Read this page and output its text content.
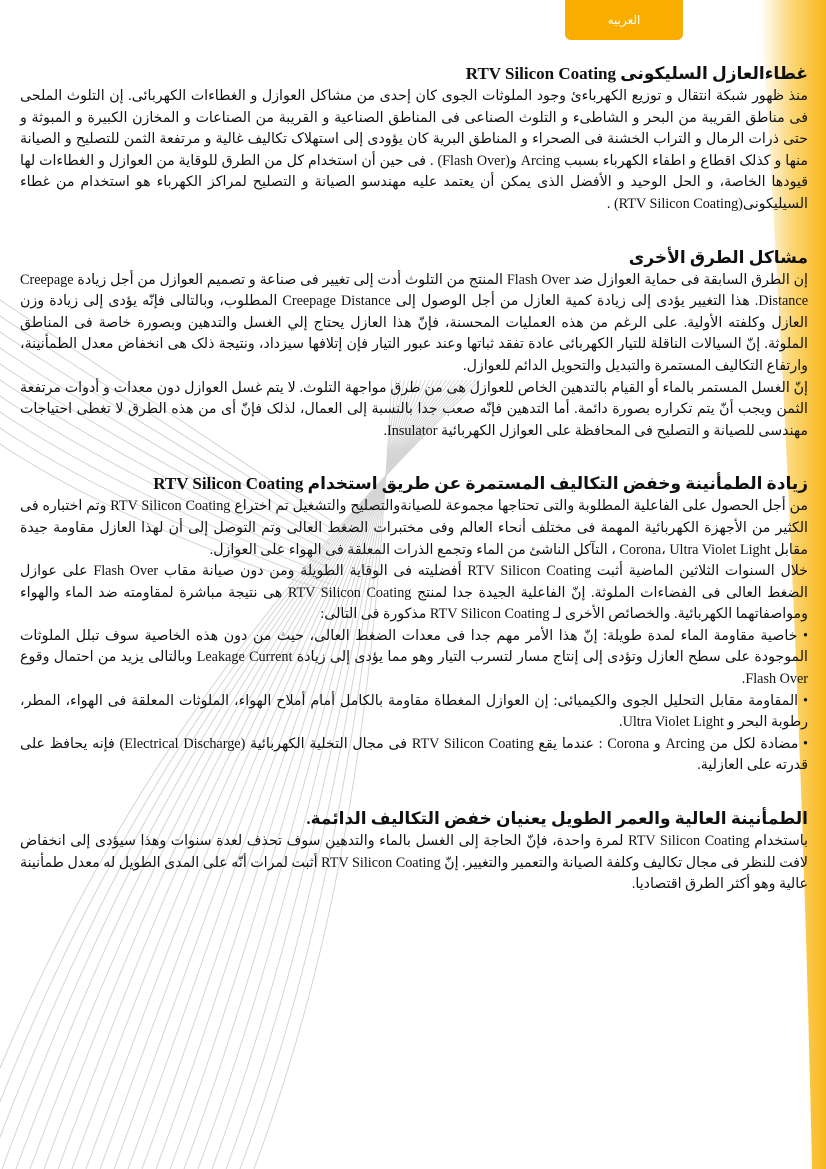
العربيه
غطاءالعازل السليكونى RTV Silicon Coating

منذ ظهور شبكة انتقال و توزيع الكهرباءئ وجود الملوثات الجوى كان إحدى من مشاكل العوازل و الغطاءات الكهربائى. إن التلوث الملحى فى مناطق القريبة من البحر و الشاطىء و التلوث الصناعى فى المناطق الصناعية و القريبة من الصناعات و المخازن الكبيرة و المبوثة و حتى ذرات الرمال و التراب الخشنة فى الصحراء و المناطق البرية كان يؤودى إلى استهلاک تكاليف غالية و مرتفعة الثمن للتصليح و الصيانة منها و كذلک اقطاع و اطفاء الكهرباء بسبب Arcing و(Flash Over) . فى حين أن استخدام كل من الطرق للوقاية من العوازل و الغطاءات لها قيودها الخاصة، و الحل الوحيد و الأفضل الذى يمكن أن يعتمد عليه مهندسو الصيانة و التصليح لمراكز الكهرباء هو استخدام من غطاء السيليكونى(RTV Silicon Coating) .

مشاكل الطرق الأخرى

إن الطرق السابقة فى حماية العوازل ضد Flash Over المنتج من التلوث أدت إلى تغيير فى صناعة و تصميم العوازل من أجل زيادة Creepage Distance. هذا التغيير يؤدى إلى زيادة كمية العازل من أجل الوصول إلى Creepage Distance المطلوب، وبالتالى فإنّه يؤدى إلى زيادة وزن العازل وكلفته الأولية. على الرغم من هذه العمليات المحسنة، فإنّ هذا العازل يحتاج إلي الغسل والتدهين وبصورة خاصة فى المناطق الملوثة. إنّ السيالات الناقلة للتيار الكهربائى عادة تفقد ثباتها وعند عبور التيار فإن إتلافها سيزداد، ونتيجة ذلک هى انخفاض معدل الطمأنينة، وارتفاع التكاليف المستمرة والتبديل والتحويل الدائم للعوازل.

إنّ الغسل المستمر بالماء أو القيام بالتدهين الخاص للعوازل هى من طرق مواجهة التلوث. لا يتم غسل العوازل دون معدات و أدوات مرتفعة الثمن ويجب أنّ يتم تكراره بصورة دائمة. أما التدهين فإنّه صعب جدا بالنسبة إلى العمال، لذلک فإنّ أى من هذه الطرق لا تغطى احتياجات مهندسى للصيانة و التصليح فى المحافظة على العوازل الكهربائية Insulator.

زيادة الطمأنينة وخفض التكاليف المستمرة عن طريق استخدام RTV Silicon Coating

من أجل الحصول على الفاعلية المطلوبة والتى تحتاجها مجموعة للصيانةوالتصليح والتشغيل تم اختراع RTV Silicon Coating وتم اختباره فى الكثير من الأجهزة الكهربائية المهمة فى مختلف أنحاء العالم وفى مختبرات الضغط العالى وتم التوصل إلى أن لهذا العازل مقاومة جيدة مقابل Corona، Ultra Violet Light ، التآكل الناشئ من الماء وتجمع الذرات المعلقة فى الهواء على العوازل.

خلال السنوات الثلاثين الماضية أثبت RTV Silicon Coating أفضليته فى الوقاية الطويلة ومن دون صيانة مقاب Flash Over على عوازل الضغط العالى فى الفضاءات الملوثة. إنّ الفاعلية الجيدة جدا لمنتج RTV Silicon Coating هى نتيجة مباشرة لمقاومته ضد الماء والهواء ومواصفاتهما الكهربائية. والخصائص الأخرى لـ RTV Silicon Coating مذكورة فى التالى:

• خاصية مقاومة الماء لمدة طويلة: إنّ هذا الأمر مهم جدا فى معدات الضغط العالى، حيث من دون هذه الخاصية سوف تبلل الملوثات الموجودة على سطح العازل وتؤدى إلى إنتاج مسار لتسرب التيار وهو مما يؤدى إلى زيادة Leakage Current وبالتالى يزيد من احتمال وقوع Flash Over.

• المقاومة مقابل التحليل الجوى والكيميائى: إن العوازل المغطاة مقاومة بالكامل أمام أملاح الهواء، الملوثات المعلقة فى الهواء، المطر، رطوبة البحر و Ultra Violet Light.

• مضادة لكل من Arcing و Corona : عندما يقع RTV Silicon Coating فى مجال التخلية الكهربائية (Electrical Discharge) فإنه يحافظ على قدرته على العازلية.

الطمأنينة العالية والعمر الطويل يعنيان خفض التكاليف الدائمة.

باستخدام RTV Silicon Coating لمرة واحدة، فإنّ الحاجة إلى الغسل بالماء والتدهين سوف تحذف لعدة سنوات وهذا سيؤدى إلى انخفاض لافت للنظر فى مجال تكاليف وكلفة الصيانة والتعمير والتغيير. إنّ RTV Silicon Coating أثبت لمرات أنّه على المدى الطويل له معدل طمأنينة عالية وهو أكثر الطرق اقتصاديا.
